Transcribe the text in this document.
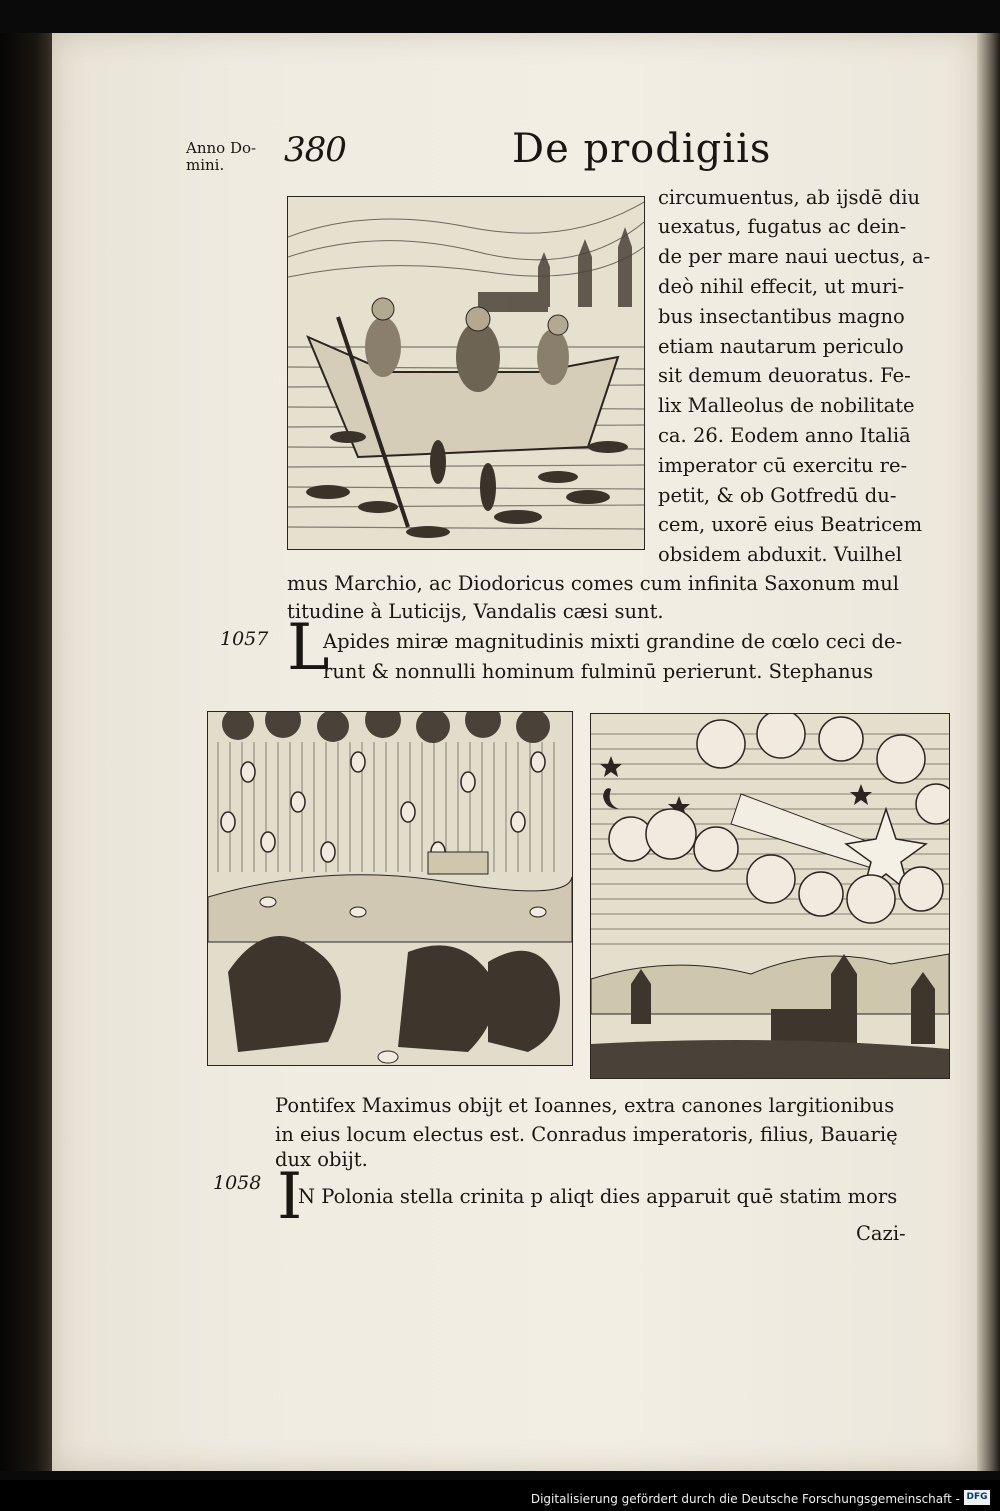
Anno Do-
mini.	380	De prodigiis
circumuentus, ab ijsdē diu
uexatus, fugatus ac dein-
de per mare naui uectus, a-
deò nihil effecit, ut muri-
bus insectantibus magno
etiam nautarum periculo
sit demum deuoratus. Fe-
lix Malleolus de nobilitate
ca. 26. Eodem anno Italiā
imperator cū exercitu re-
petit, & ob Gotfredū du-
cem, uxorē eius Beatricem
obsidem abduxit. Vuilhel
mus Marchio, ac Diodoricus comes cum infinita Saxonum mul
titudine à Luticijs, Vandalis cæsi sunt.
1057 L
Apides miræ magnitudinis mixti grandine de cœlo ceci de-
runt & nonnulli hominum fulminū perierunt. Stephanus
Pontifex Maximus obijt et Ioannes, extra canones largitionibus
in eius locum electus est. Conradus imperatoris, filius, Bauarię
dux obijt.
1058 I
N Polonia stella crinita p aliqt dies apparuit quē statim mors
Cazi-
Digitalisierung gefördert durch die Deutsche Forschungsgemeinschaft - DFG
